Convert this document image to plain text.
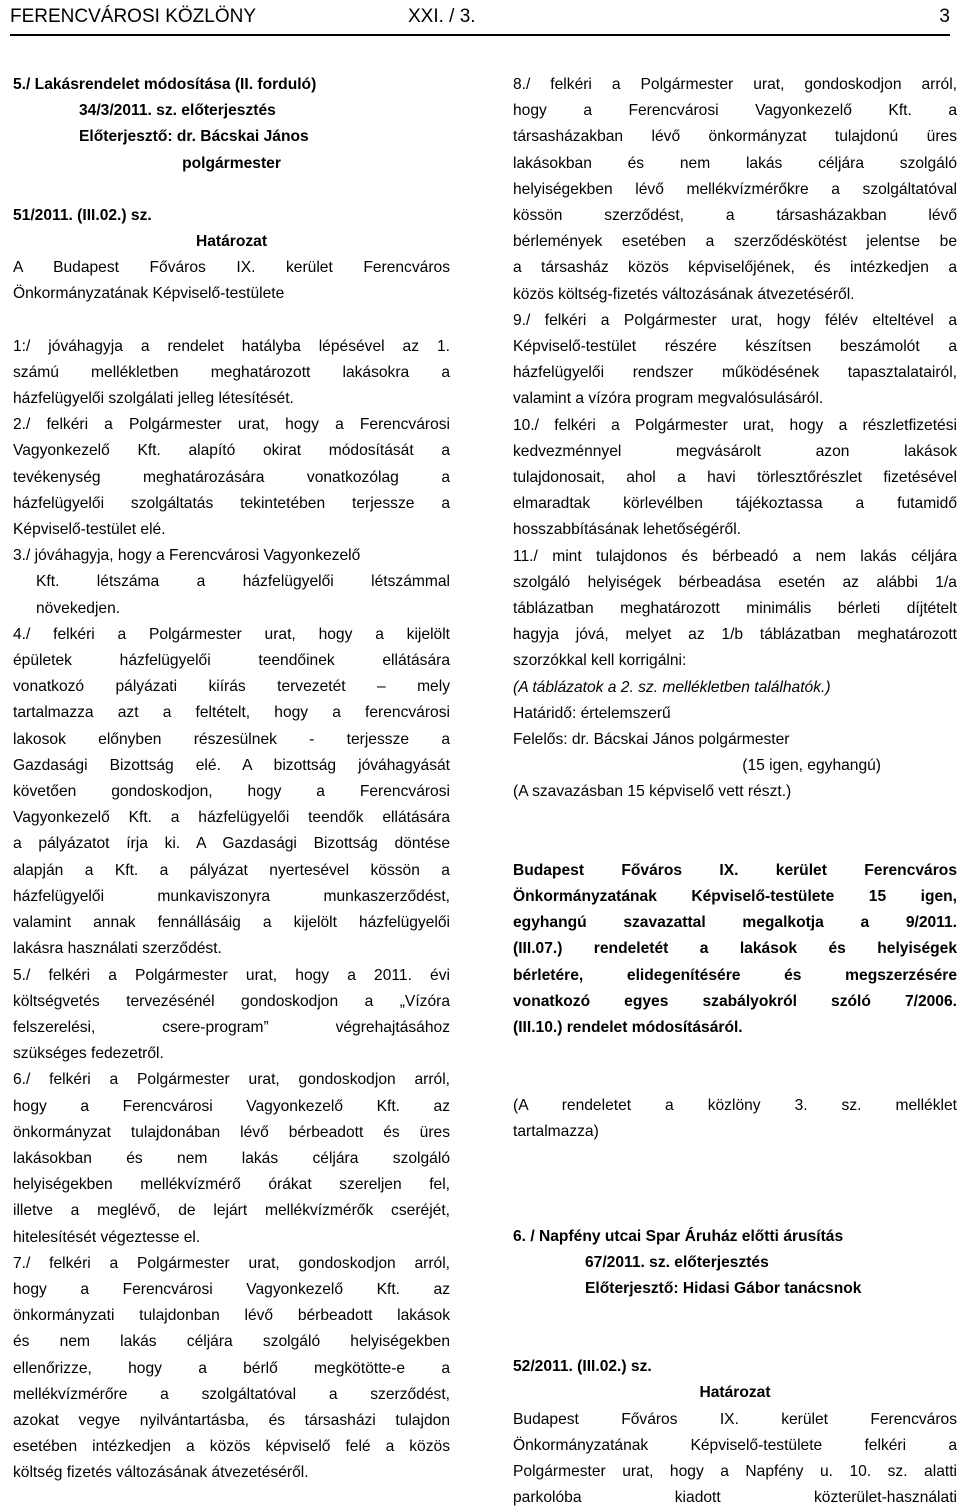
FERENCVÁROSI KÖZLÖNY	XXI. / 3.	3

5./ Lakásrendelet módosítása (II. forduló)

34/3/2011. sz. előterjesztés

Előterjesztő: dr. Bácskai János

polgármester

51/2011. (III.02.) sz.

Határozat

A Budapest Főváros IX. kerület Ferencváros

Önkormányzatának Képviselő-testülete

1:/ jóváhagyja a rendelet hatályba lépésével az 1.

számú mellékletben meghatározott lakásokra a

házfelügyelői szolgálati jelleg létesítését.

2./ felkéri a Polgármester urat, hogy a Ferencvárosi

Vagyonkezelő Kft. alapító okirat módosítását a

tevékenység meghatározására vonatkozólag a

házfelügyelői szolgáltatás tekintetében terjessze a

Képviselő-testület elé.

3./ jóváhagyja, hogy a Ferencvárosi Vagyonkezelő

Kft. létszáma a házfelügyelői létszámmal

növekedjen.

4./ felkéri a Polgármester urat, hogy a kijelölt

épületek házfelügyelői teendőinek ellátására

vonatkozó pályázati kiírás tervezetét – mely

tartalmazza azt a feltételt, hogy a ferencvárosi

lakosok előnyben részesülnek - terjessze a

Gazdasági Bizottság elé. A bizottság jóváhagyását

követően gondoskodjon, hogy a Ferencvárosi

Vagyonkezelő Kft. a házfelügyelői teendők ellátására

a pályázatot írja ki. A Gazdasági Bizottság döntése

alapján a Kft. a pályázat nyertesével kössön a

házfelügyelői munkaviszonyra munkaszerződést,

valamint annak fennállásáig a kijelölt házfelügyelői

lakásra használati szerződést.

5./ felkéri a Polgármester urat, hogy a 2011. évi

költségvetés tervezésénél gondoskodjon a „Vízóra

felszerelési, csere-program” végrehajtásához

szükséges fedezetről.

6./ felkéri a Polgármester urat, gondoskodjon arról,

hogy a Ferencvárosi Vagyonkezelő Kft. az

önkormányzat tulajdonában lévő bérbeadott és üres

lakásokban és nem lakás céljára szolgáló

helyiségekben mellékvízmérő órákat szereljen fel,

illetve a meglévő, de lejárt mellékvízmérők cseréjét,

hitelesítését végeztesse el.

7./ felkéri a Polgármester urat, gondoskodjon arról,

hogy a Ferencvárosi Vagyonkezelő Kft. az

önkormányzati tulajdonban lévő bérbeadott lakások

és nem lakás céljára szolgáló helyiségekben

ellenőrizze, hogy a bérlő megkötötte-e a

mellékvízmérőre a szolgáltatóval a szerződést,

azokat vegye nyilvántartásba, és társasházi tulajdon

esetében intézkedjen a közös képviselő felé a közös

költség fizetés változásának átvezetéséről.

8./ felkéri a Polgármester urat, gondoskodjon arról,

hogy a Ferencvárosi Vagyonkezelő Kft. a

társasházakban lévő önkormányzat tulajdonú üres

lakásokban és nem lakás céljára szolgáló

helyiségekben lévő mellékvízmérőkre a szolgáltatóval

kössön szerződést, a társasházakban lévő

bérlemények esetében a szerződéskötést jelentse be

a társasház közös képviselőjének, és intézkedjen a

közös költség-fizetés változásának átvezetéséről.

9./ felkéri a Polgármester urat, hogy félév elteltével a

Képviselő-testület részére készítsen beszámolót a

házfelügyelői rendszer működésének tapasztalatairól,

valamint a vízóra program megvalósulásáról.

10./ felkéri a Polgármester urat, hogy a részletfizetési

kedvezménnyel megvásárolt azon lakások

tulajdonosait, ahol a havi törlesztőrészlet fizetésével

elmaradtak körlevélben tájékoztassa a futamidő

hosszabbításának lehetőségéről.

11./ mint tulajdonos és bérbeadó a nem lakás céljára

szolgáló helyiségek bérbeadása esetén az alábbi 1/a

táblázatban meghatározott minimális bérleti díjtételt

hagyja jóvá, melyet az 1/b táblázatban meghatározott

szorzókkal kell korrigálni:

(A táblázatok a 2. sz. mellékletben találhatók.)

Határidő: értelemszerű

Felelős: dr. Bácskai János polgármester

(15 igen, egyhangú)

(A szavazásban 15 képviselő vett részt.)

Budapest Főváros IX. kerület Ferencváros

Önkormányzatának Képviselő-testülete 15 igen,

egyhangú szavazattal megalkotja a 9/2011.

(III.07.) rendeletét a lakások és helyiségek

bérletére, elidegenítésére és megszerzésére

vonatkozó egyes szabályokról szóló 7/2006.

(III.10.) rendelet módosításáról.

(A rendeletet a közlöny 3. sz. melléklet

tartalmazza)

6. / Napfény utcai Spar Áruház előtti árusítás

67/2011. sz. előterjesztés

Előterjesztő: Hidasi Gábor tanácsnok

52/2011. (III.02.) sz.

Határozat

Budapest Főváros IX. kerület Ferencváros

Önkormányzatának Képviselő-testülete felkéri a

Polgármester urat, hogy a Napfény u. 10. sz. alatti

parkolóba kiadott közterület-használati
